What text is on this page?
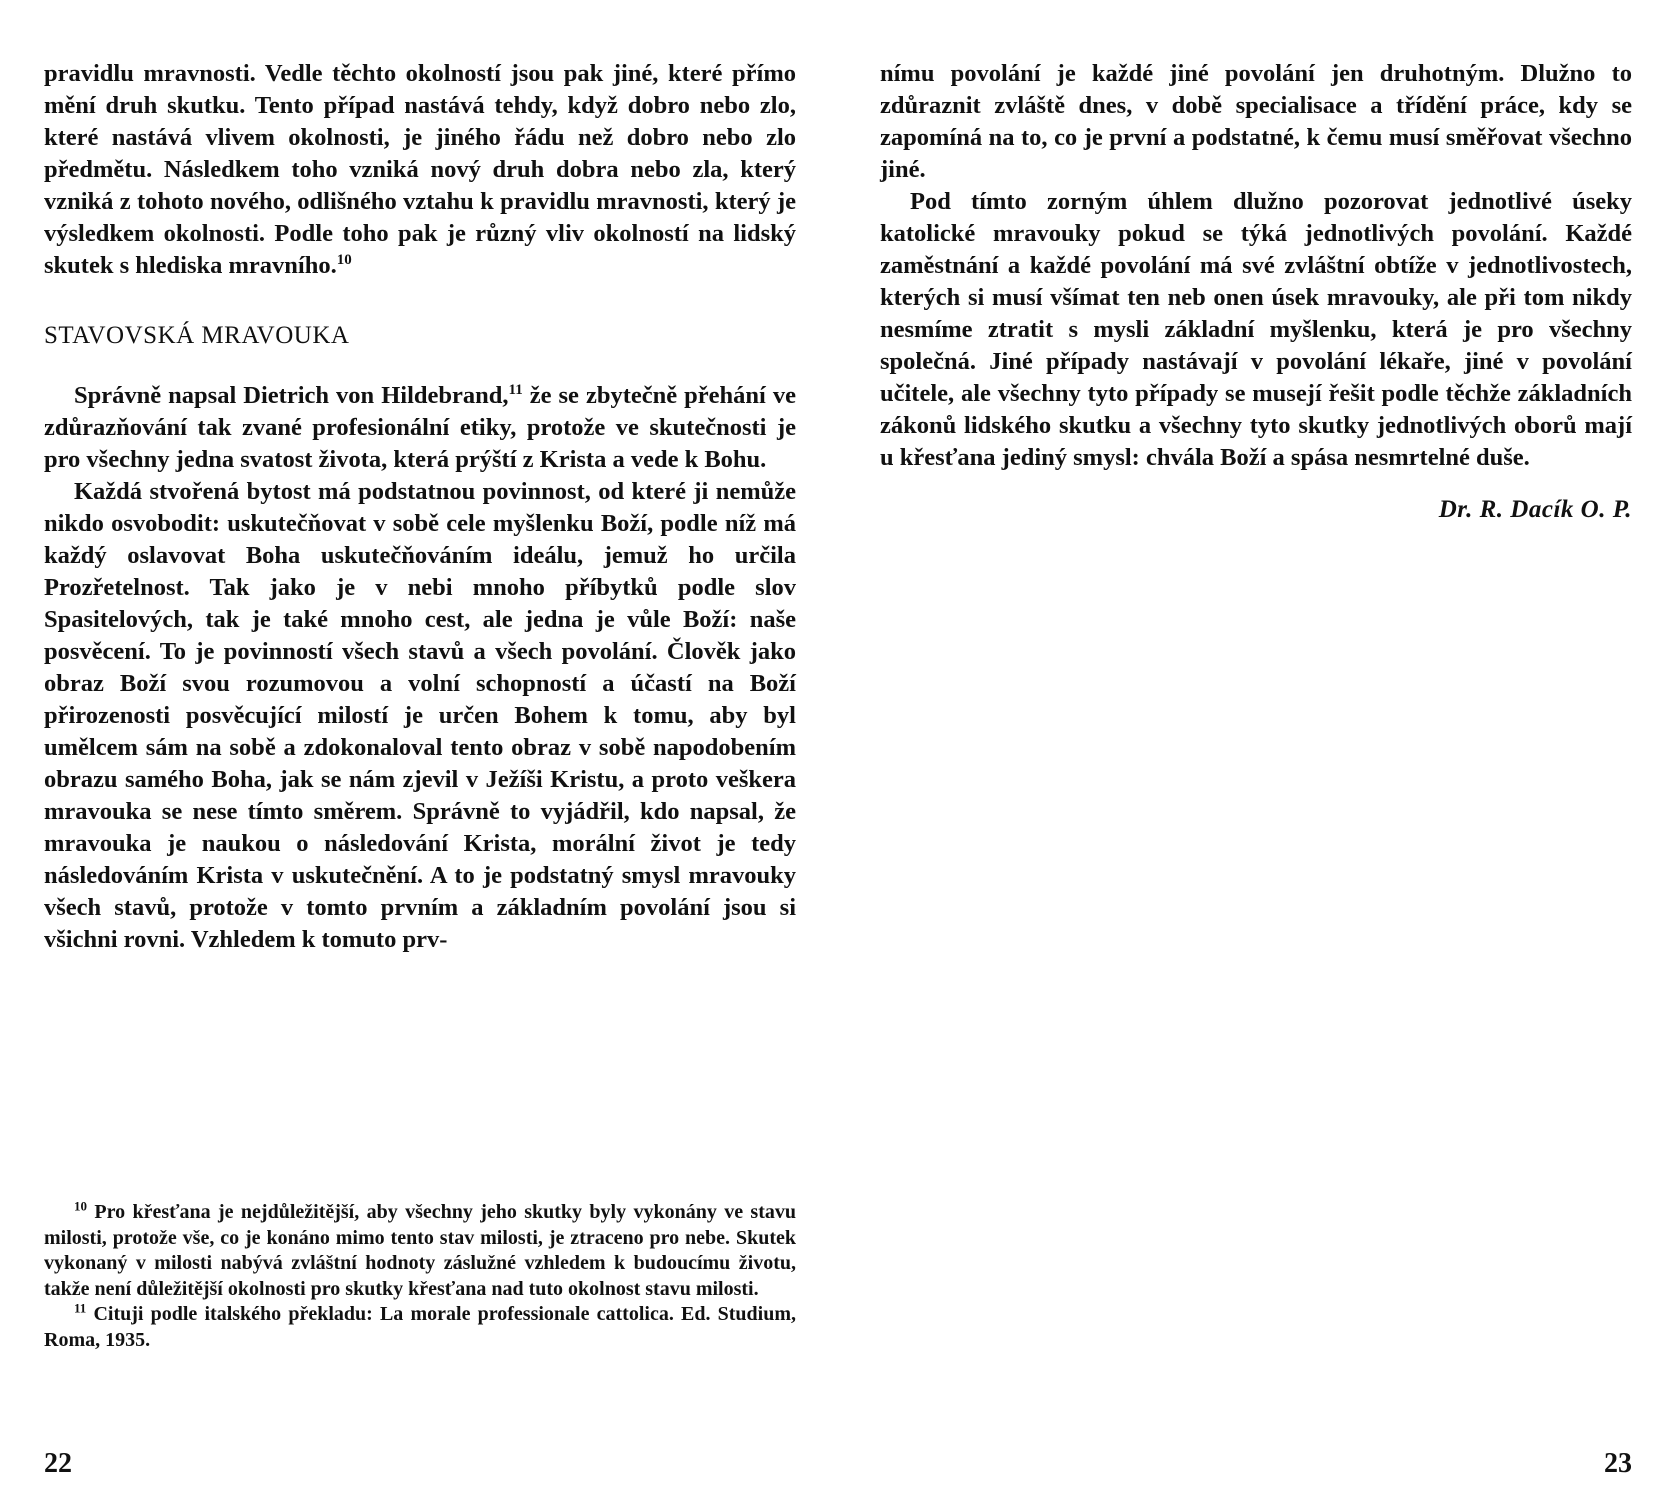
pravidlu mravnosti. Vedle těchto okolností jsou pak jiné, které přímo mění druh skutku. Tento případ nastává tehdy, když dobro nebo zlo, které nastává vlivem okolnosti, je jiného řádu než dobro nebo zlo předmětu. Následkem toho vzniká nový druh dobra nebo zla, který vzniká z tohoto nového, odlišného vztahu k pravidlu mravnosti, který je výsledkem okolnosti. Podle toho pak je různý vliv okolností na lidský skutek s hlediska mravního.$^{10}$

STAVOVSKÁ MRAVOUKA

Správně napsal Dietrich von Hildebrand,$^{11}$ že se zbytečně přehání ve zdůrazňování tak zvané profesionální etiky, protože ve skutečnosti je pro všechny jedna svatost života, která prýští z Krista a vede k Bohu.

Každá stvořená bytost má podstatnou povinnost, od které ji nemůže nikdo osvobodit: uskutečňovat v sobě cele myšlenku Boží, podle níž má každý oslavovat Boha uskutečňováním ideálu, jemuž ho určila Prozřetelnost. Tak jako je v nebi mnoho příbytků podle slov Spasitelových, tak je také mnoho cest, ale jedna je vůle Boží: naše posvěcení. To je povinností všech stavů a všech povolání. Člověk jako obraz Boží svou rozumovou a volní schopností a účastí na Boží přirozenosti posvěcující milostí je určen Bohem k tomu, aby byl umělcem sám na sobě a zdokonaloval tento obraz v sobě napodobením obrazu samého Boha, jak se nám zjevil v Ježíši Kristu, a proto veškera mravouka se nese tímto směrem. Správně to vyjádřil, kdo napsal, že mravouka je naukou o následování Krista, morální život je tedy následováním Krista v uskutečnění. A to je podstatný smysl mravouky všech stavů, protože v tomto prvním a základním povolání jsou si všichni rovni. Vzhledem k tomuto prv-

$^{10}$ Pro křesťana je nejdůležitější, aby všechny jeho skutky byly vykonány ve stavu milosti, protože vše, co je konáno mimo tento stav milosti, je ztraceno pro nebe. Skutek vykonaný v milosti nabývá zvláštní hodnoty záslužné vzhledem k budoucímu životu, takže není důležitější okolnosti pro skutky křesťana nad tuto okolnost stavu milosti.

$^{11}$ Cituji podle italského překladu: La morale professionale cattolica. Ed. Studium, Roma, 1935.

22

nímu povolání je každé jiné povolání jen druhotným. Dlužno to zdůraznit zvláště dnes, v době specialisace a třídění práce, kdy se zapomíná na to, co je první a podstatné, k čemu musí směřovat všechno jiné.

Pod tímto zorným úhlem dlužno pozorovat jednotlivé úseky katolické mravouky pokud se týká jednotlivých povolání. Každé zaměstnání a každé povolání má své zvláštní obtíže v jednotlivostech, kterých si musí všímat ten neb onen úsek mravouky, ale při tom nikdy nesmíme ztratit s mysli základní myšlenku, která je pro všechny společná. Jiné případy nastávají v povolání lékaře, jiné v povolání učitele, ale všechny tyto případy se musejí řešit podle těchže základních zákonů lidského skutku a všechny tyto skutky jednotlivých oborů mají u křesťana jediný smysl: chvála Boží a spása nesmrtelné duše.

Dr. R. Dacík O. P.
23
